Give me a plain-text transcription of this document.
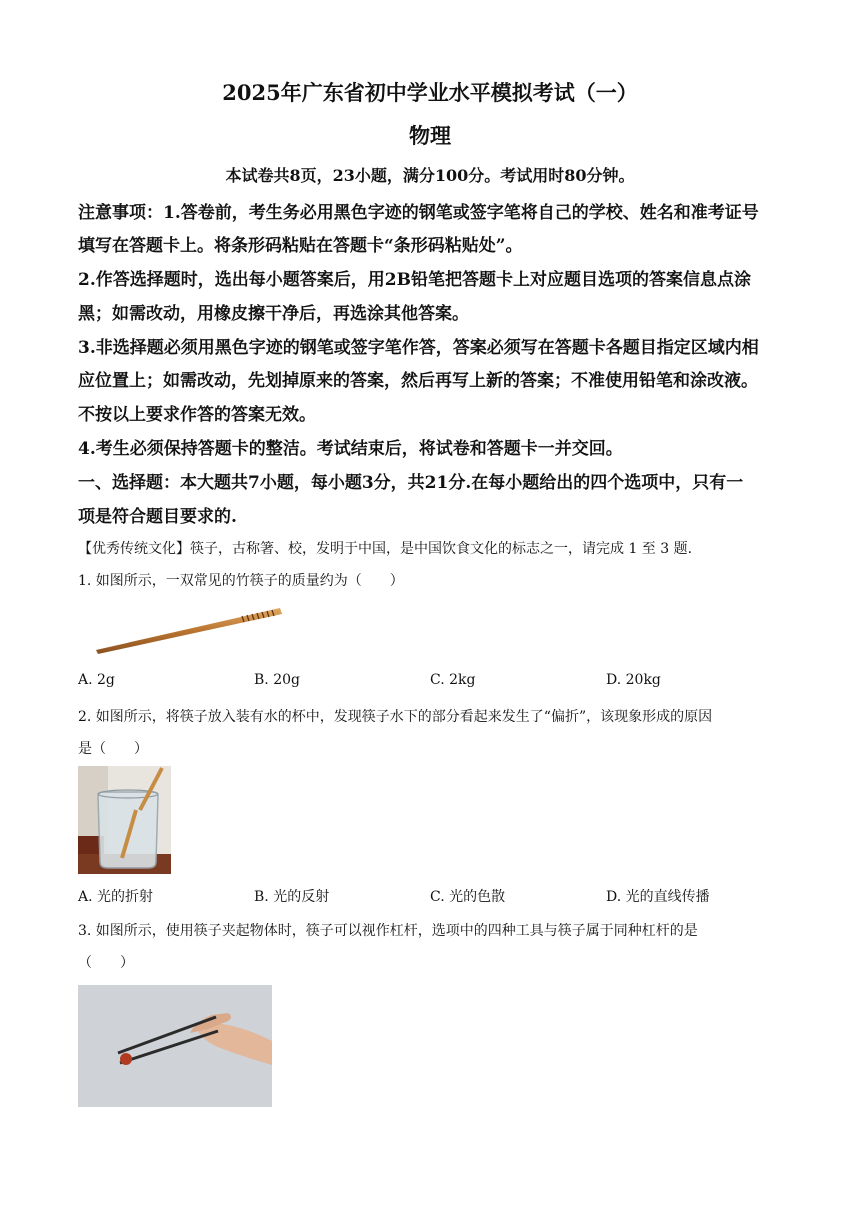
2025年广东省初中学业水平模拟考试（一）
物理
本试卷共8页，23小题，满分100分。考试用时80分钟。
注意事项：1.答卷前，考生务必用黑色字迹的钢笔或签字笔将自己的学校、姓名和准考证号
填写在答题卡上。将条形码粘贴在答题卡“条形码粘贴处”。
2.作答选择题时，选出每小题答案后，用2B铅笔把答题卡上对应题目选项的答案信息点涂
黑；如需改动，用橡皮擦干净后，再选涂其他答案。
3.非选择题必须用黑色字迹的钢笔或签字笔作答，答案必须写在答题卡各题目指定区域内相
应位置上；如需改动，先划掉原来的答案，然后再写上新的答案；不准使用铅笔和涂改液。
不按以上要求作答的答案无效。
4.考生必须保持答题卡的整洁。考试结束后，将试卷和答题卡一并交回。
一、选择题：本大题共7小题，每小题3分，共21分.在每小题给出的四个选项中，只有一
项是符合题目要求的.
【优秀传统文化】筷子，古称箸、校，发明于中国，是中国饮食文化的标志之一，请完成 1 至 3 题.
1. 如图所示，一双常见的竹筷子的质量约为（　　）
A. 2g	B. 20g	C. 2kg	D. 20kg
2. 如图所示，将筷子放入装有水的杯中，发现筷子水下的部分看起来发生了“偏折”，该现象形成的原因
是（　　）
A. 光的折射	B. 光的反射	C. 光的色散	D. 光的直线传播
3. 如图所示，使用筷子夹起物体时，筷子可以视作杠杆，选项中的四种工具与筷子属于同种杠杆的是
（　　）
